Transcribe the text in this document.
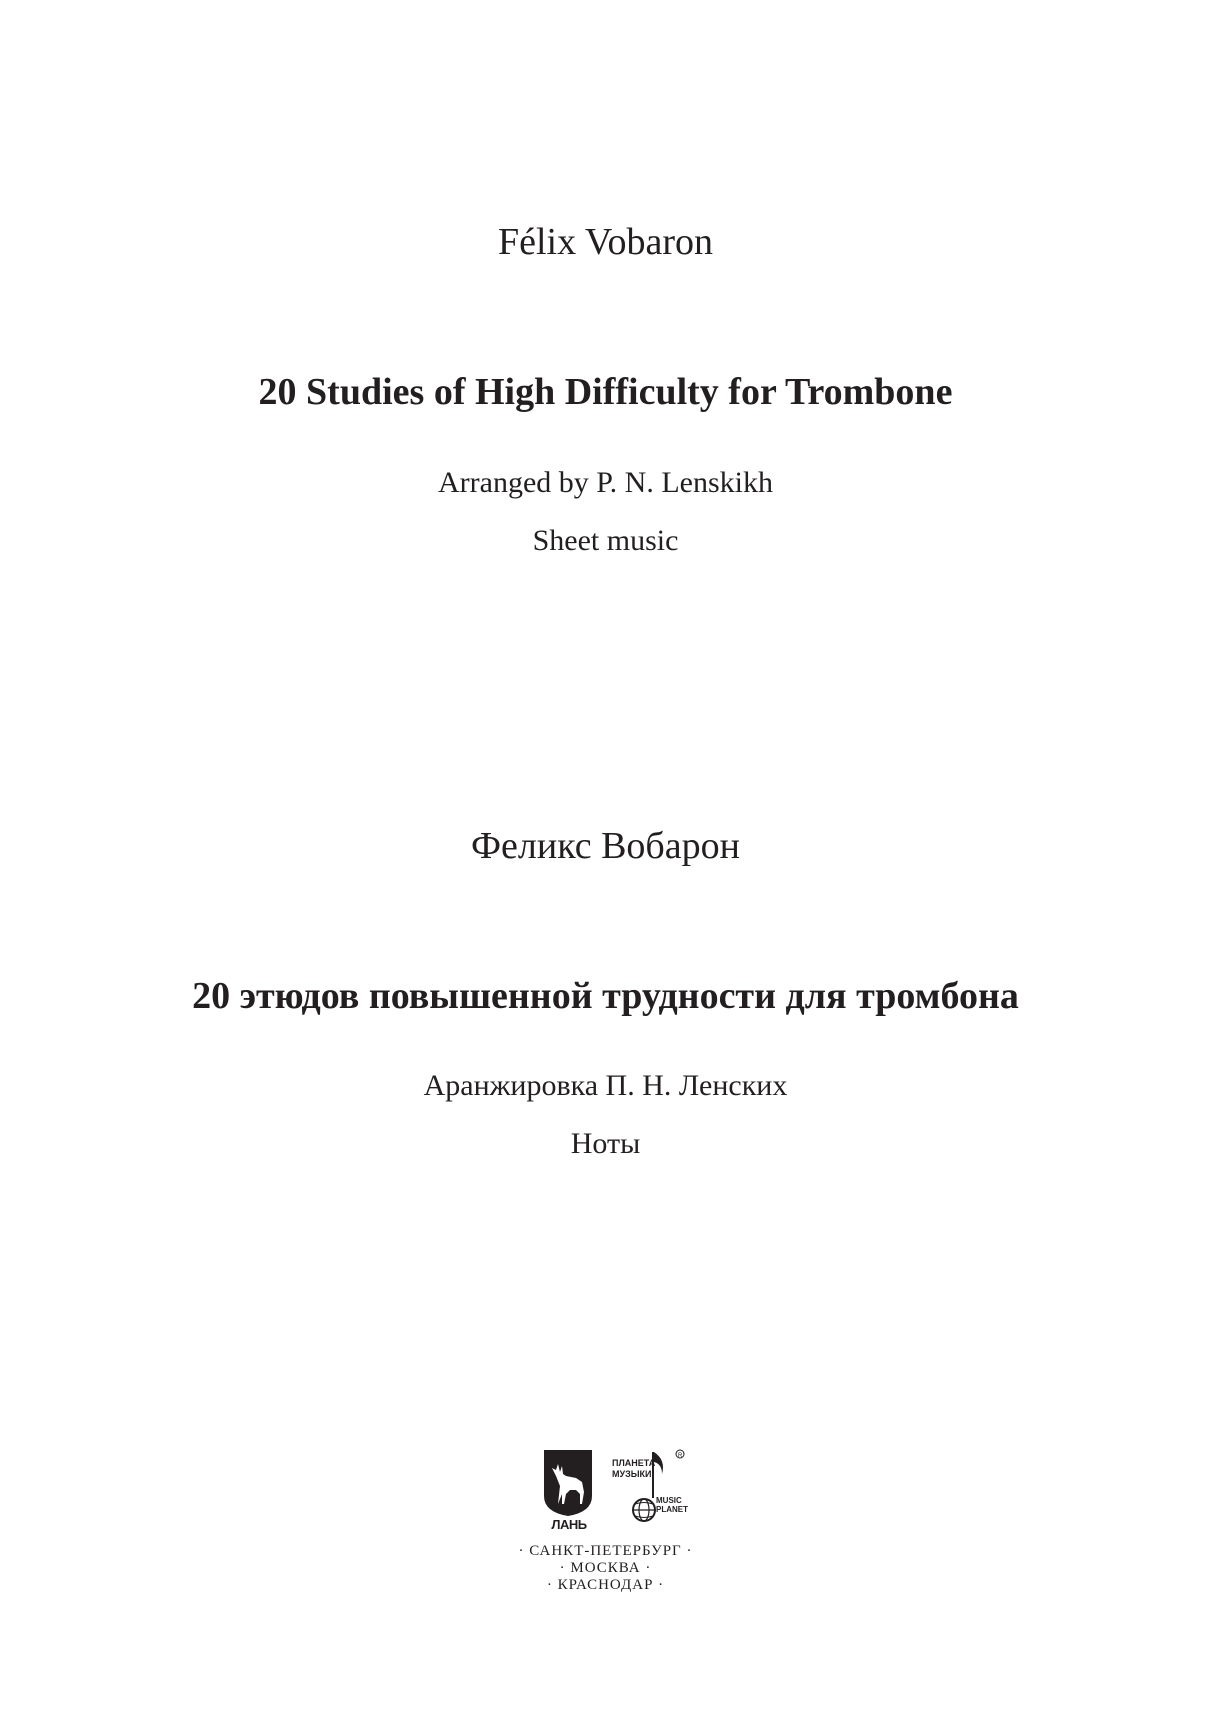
Félix Vobaron
20 Studies of High Difficulty for Trombone
Arranged by P. N. Lenskikh
Sheet music
Феликс Вобарон
20 этюдов повышенной трудности для тромбона
Аранжировка П. Н. Ленских
Ноты
ЛАНЬ
R
ПЛАНЕТА
МУЗЫКИ
MUSIC
PLANET
· САНКТ-ПЕТЕРБУРГ ·
· МОСКВА ·
· КРАСНОДАР ·
